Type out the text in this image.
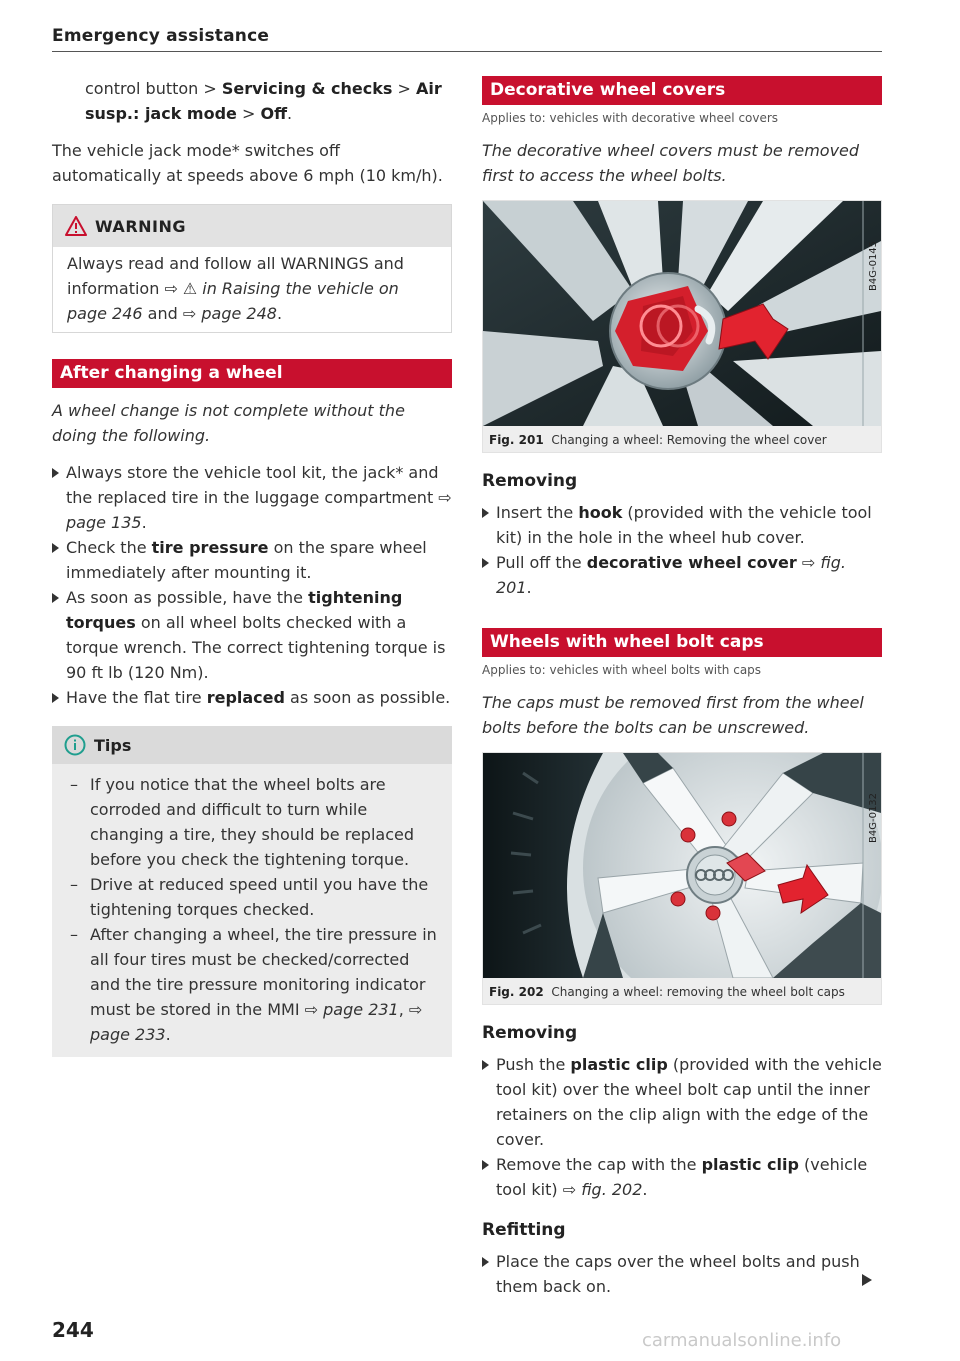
Emergency assistance

control button > Servicing & checks > Air susp.: jack mode > Off.

The vehicle jack mode* switches off automatically at speeds above 6 mph (10 km/h).

WARNING

Always read and follow all WARNINGS and information ⇨ ⚠ in Raising the vehicle on page 246 and ⇨ page 248.

After changing a wheel

A wheel change is not complete without the doing the following.

Always store the vehicle tool kit, the jack* and the replaced tire in the luggage compartment ⇨ page 135.
Check the tire pressure on the spare wheel immediately after mounting it.
As soon as possible, have the tightening torques on all wheel bolts checked with a torque wrench. The correct tightening torque is 90 ft lb (120 Nm).
Have the flat tire replaced as soon as possible.
Tips
– If you notice that the wheel bolts are corroded and difficult to turn while changing a tire, they should be replaced before you check the tightening torque.
– Drive at reduced speed until you have the tightening torques checked.
– After changing a wheel, the tire pressure in all four tires must be checked/corrected and the tire pressure monitoring indicator must be stored in the MMI ⇨ page 231, ⇨ page 233.
Decorative wheel covers

Applies to: vehicles with decorative wheel covers

The decorative wheel covers must be removed first to access the wheel bolts.

B4G-0145
Fig. 201 Changing a wheel: Removing the wheel cover
Removing
Insert the hook (provided with the vehicle tool kit) in the hole in the wheel hub cover.
Pull off the decorative wheel cover ⇨ fig. 201.
Wheels with wheel bolt caps

Applies to: vehicles with wheel bolts with caps

The caps must be removed first from the wheel bolts before the bolts can be unscrewed.

B4G-0132
Fig. 202 Changing a wheel: removing the wheel bolt caps
Removing
Push the plastic clip (provided with the vehicle tool kit) over the wheel bolt cap until the inner retainers on the clip align with the edge of the cover.
Remove the cap with the plastic clip (vehicle tool kit) ⇨ fig. 202.
Refitting
Place the caps over the wheel bolts and push them back on.
244	carmanualsonline.info
